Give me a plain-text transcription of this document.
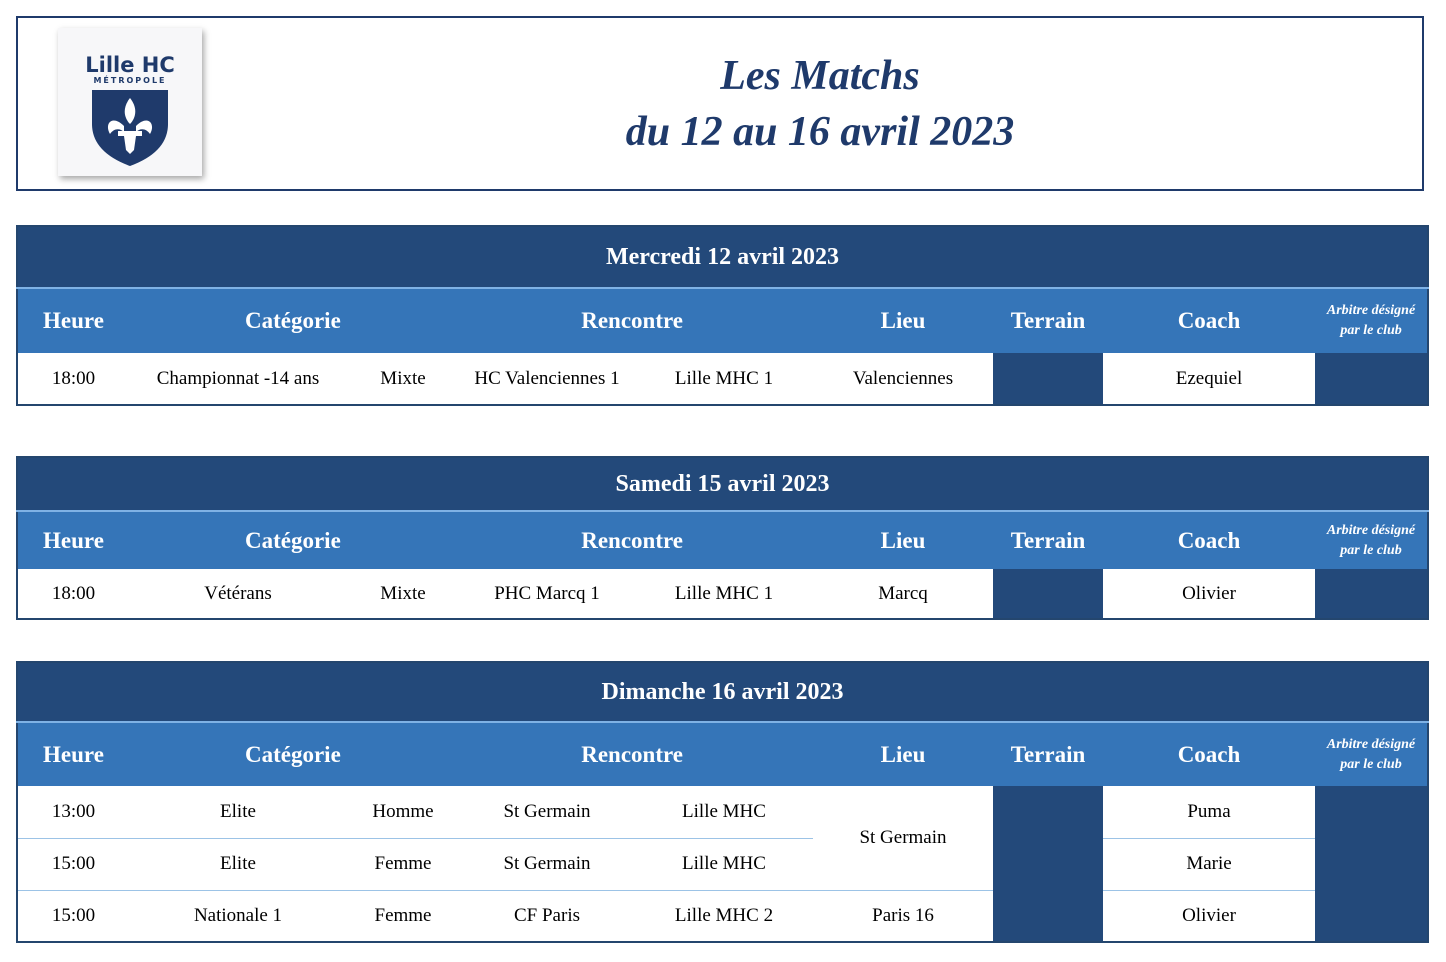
Lille HC
MÉTROPOLE	Les Matchs
du 12 au 16 avril 2023
Mercredi 12 avril 2023								
Heure	Catégorie		Rencontre		Lieu	Terrain	Coach	Arbitre désigné
par le club
18:00	Championnat -14 ans	Mixte	HC Valenciennes 1	Lille MHC 1	Valenciennes		Ezequiel	
Samedi 15 avril 2023								
Heure	Catégorie		Rencontre		Lieu	Terrain	Coach	Arbitre désigné
par le club
18:00	Vétérans	Mixte	PHC Marcq 1	Lille MHC 1	Marcq		Olivier	
Dimanche 16 avril 2023								
Heure	Catégorie		Rencontre		Lieu	Terrain	Coach	Arbitre désigné
par le club
13:00	Elite	Homme	St Germain	Lille MHC	St Germain		Puma	
15:00	Elite	Femme	St Germain	Lille MHC			Marie	
15:00	Nationale 1	Femme	CF Paris	Lille MHC 2	Paris 16		Olivier	
